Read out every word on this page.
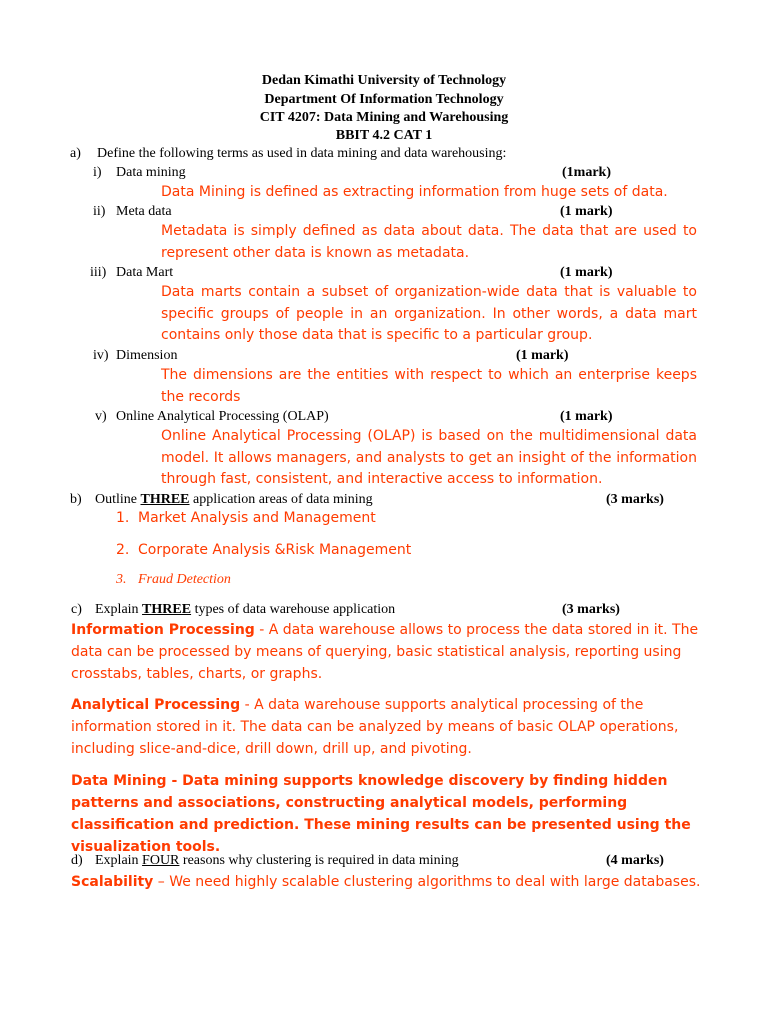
Dedan Kimathi University of Technology
Department Of Information Technology
CIT 4207: Data Mining and Warehousing
BBIT 4.2 CAT 1
a) Define the following terms as used in data mining and data warehousing:
i) Data mining	(1mark)
Data Mining is defined as extracting information from huge sets of data.
ii) Meta data	(1 mark)
Metadata is simply defined as data about data. The data that are used to represent other data is known as metadata.
iii) Data Mart	(1 mark)
Data marts contain a subset of organization-wide data that is valuable to specific groups of people in an organization. In other words, a data mart contains only those data that is specific to a particular group.
iv) Dimension	(1 mark)
The dimensions are the entities with respect to which an enterprise keeps the records
v) Online Analytical Processing (OLAP)	(1 mark)
Online Analytical Processing (OLAP) is based on the multidimensional data model. It allows managers, and analysts to get an insight of the information through fast, consistent, and interactive access to information.
b) Outline THREE application areas of data mining	(3 marks)
1. Market Analysis and Management
2. Corporate Analysis &Risk Management
3. Fraud Detection
c) Explain THREE types of data warehouse application	(3 marks)
Information Processing - A data warehouse allows to process the data stored in it. The data can be processed by means of querying, basic statistical analysis, reporting using crosstabs, tables, charts, or graphs.
Analytical Processing - A data warehouse supports analytical processing of the information stored in it. The data can be analyzed by means of basic OLAP operations, including slice-and-dice, drill down, drill up, and pivoting.
Data Mining - Data mining supports knowledge discovery by finding hidden patterns and associations, constructing analytical models, performing classification and prediction. These mining results can be presented using the visualization tools.
d) Explain FOUR reasons why clustering is required in data mining	(4 marks)
Scalability – We need highly scalable clustering algorithms to deal with large databases.
